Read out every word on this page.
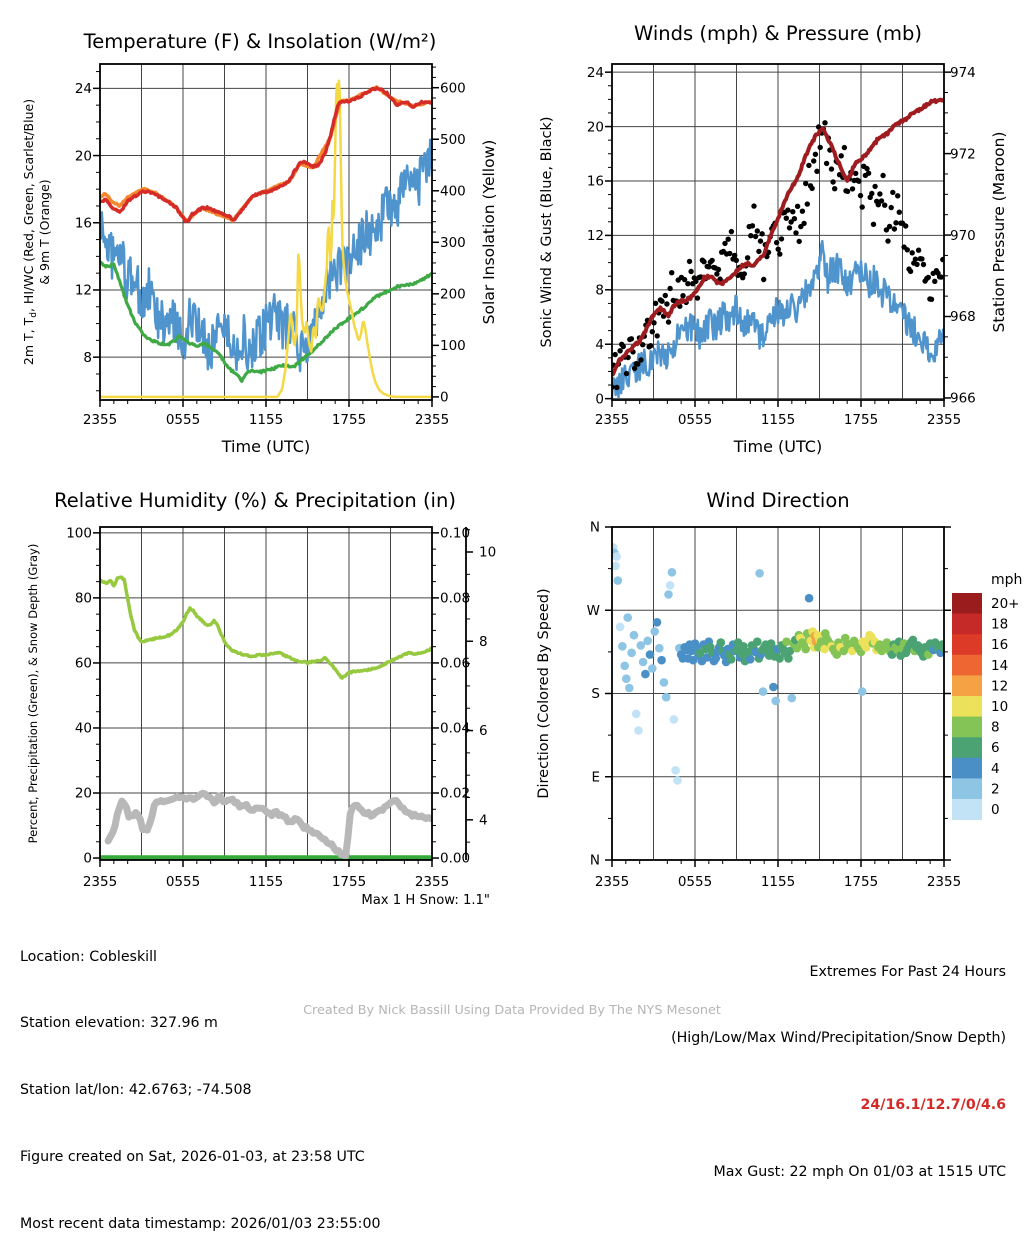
2355	0555	1155	1755	2355
8
12
16
20
24
0
100
200
300
400
500
600
2m T, $T_d$, HI/WC (Red, Green, Scarlet/Blue) & 9m T (Orange)	Solar Insolation (Yellow)
Time (UTC)
2355	0555	1155	1755	2355
0
4
8
12
16
20
24
966
968
970
972
974
Sonic Wind & Gust (Blue, Black)	Station Pressure (Maroon)
Time (UTC)
2355	0555	1155	1755	2355
0
20
40
60
80
100
0.00
0.02
0.04
0.06
0.08
0.10
4
6
8
10
Percent, Precipitation (Green), & Snow Depth (Gray)
2355	0555	1155	1755	2355
N
W
S
E
N
Direction (Colored By Speed)
mph
20+
18
16
14
12
10
8
6
4
2
0
Temperature (F) & Insolation (W/m²)	Winds (mph) & Pressure (mb)
Relative Humidity (%) & Precipitation (in)	Wind Direction
Max 1 H Snow: 1.1"

Location: Cobleskill

Station elevation: 327.96 m

Station lat/lon: 42.6763; -74.508

Figure created on Sat, 2026-01-03, at 23:58 UTC

Most recent data timestamp: 2026/01/03 23:55:00

Extremes For Past 24 Hours

(High/Low/Max Wind/Precipitation/Snow Depth)

24/16.1/12.7/0/4.6

Max Gust: 22 mph On 01/03 at 1515 UTC

Created By Nick Bassill Using Data Provided By The NYS Mesonet
